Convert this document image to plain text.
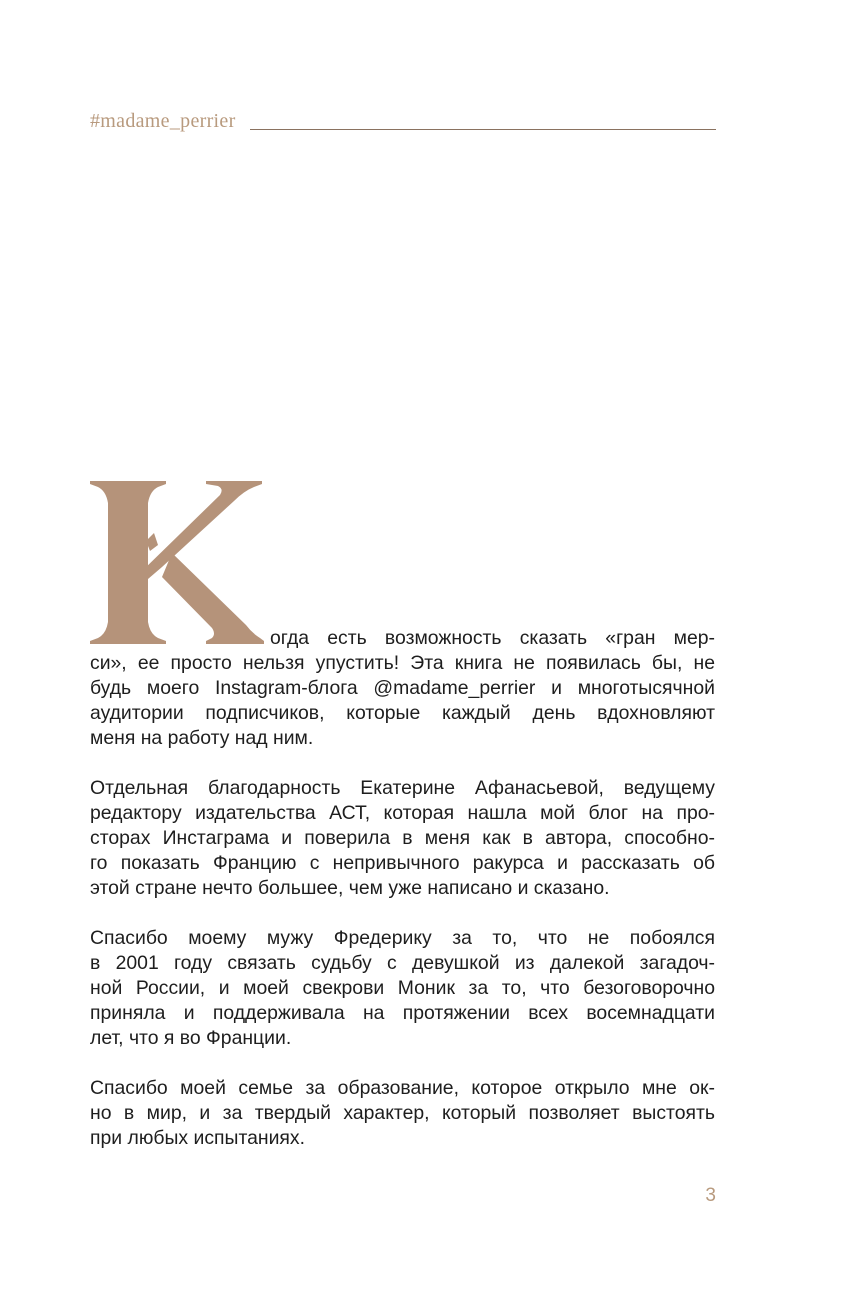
#madame_perrier
огда есть возможность сказать «гран мер-
си», ее просто нельзя упустить! Эта книга не появилась бы, не
будь моего Instagram-блога @madame_perrier и многотысячной
аудитории подписчиков, которые каждый день вдохновляют
меня на работу над ним.
Отдельная благодарность Екатерине Афанасьевой, ведущему
редактору издательства АСТ, которая нашла мой блог на про-
сторах Инстаграма и поверила в меня как в автора, способно-
го показать Францию с непривычного ракурса и рассказать об
этой стране нечто большее, чем уже написано и сказано.
Спасибо моему мужу Фредерику за то, что не побоялся
в 2001 году связать судьбу с девушкой из далекой загадоч-
ной России, и моей свекрови Моник за то, что безоговорочно
приняла и поддерживала на протяжении всех восемнадцати
лет, что я во Франции.
Спасибо моей семье за образование, которое открыло мне ок-
но в мир, и за твердый характер, который позволяет выстоять
при любых испытаниях.
3
